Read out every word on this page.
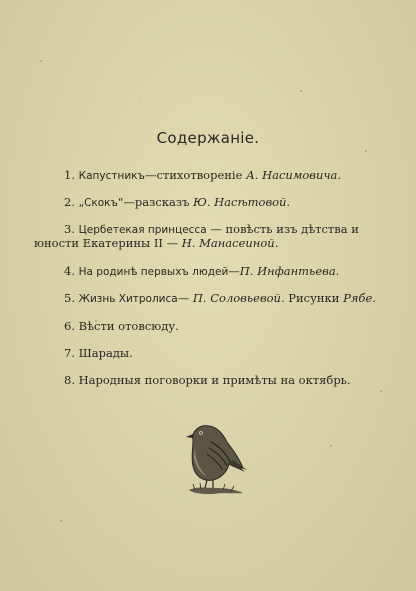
Содержанiе.
1. Капустникъ—стихотворенiе А. Насимовича.
2. „Скокъ“—разсказъ Ю. Насѣтовой.
3. Цербетекая принцесса — повѣсть изъ дѣтства и
юности Екатерины II — Н. Манасеиной.
4. На родинѣ первыхъ людей—П. Инфантьева.
5. Жизнь Хитролиса— П. Соловьевой. Рисунки Рябе.
6. Вѣсти отовсюду.
7. Шарады.
8. Народныя поговорки и примѣты на октябрь.
